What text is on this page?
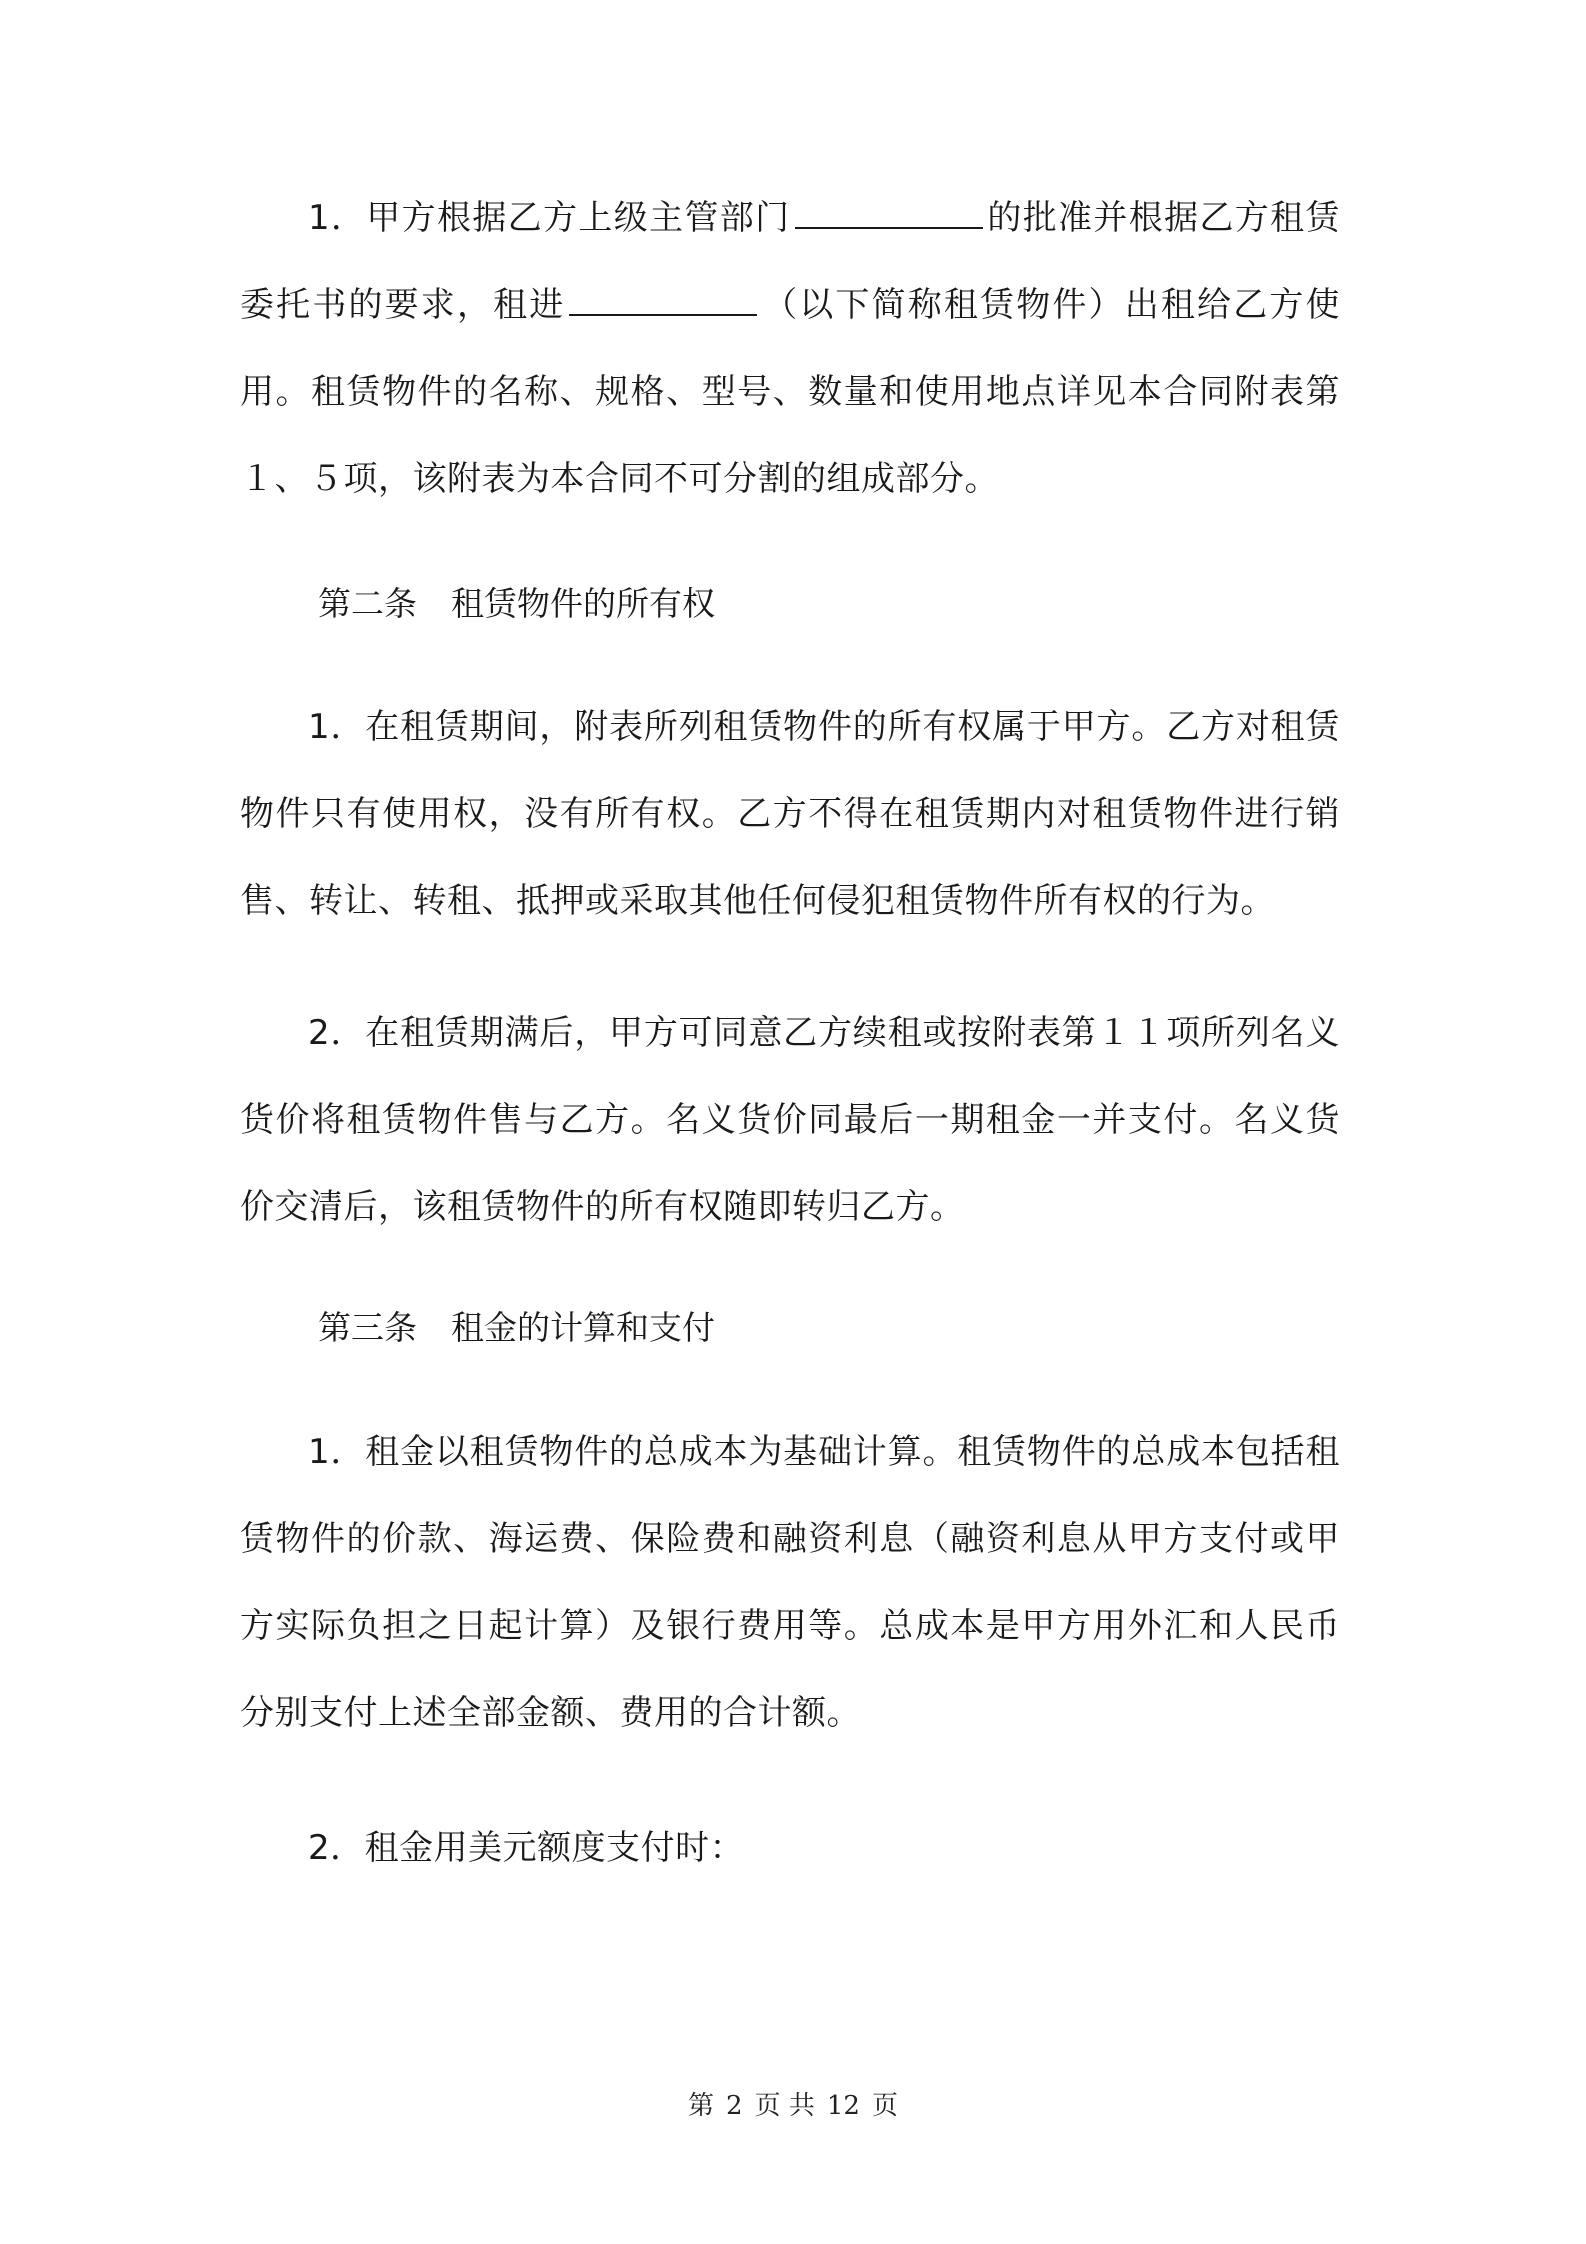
1．甲方根据乙方上级主管部门	的批准并根据乙方租赁委托书的要求，租进	（以下简称租赁物件）出租给乙方使用。租赁物件的名称、规格、型号、数量和使用地点详见本合同附表第１、５项，该附表为本合同不可分割的组成部分。

第二条 租赁物件的所有权

1．在租赁期间，附表所列租赁物件的所有权属于甲方。乙方对租赁物件只有使用权，没有所有权。乙方不得在租赁期内对租赁物件进行销售、转让、转租、抵押或采取其他任何侵犯租赁物件所有权的行为。

2．在租赁期满后，甲方可同意乙方续租或按附表第１１项所列名义货价将租赁物件售与乙方。名义货价同最后一期租金一并支付。名义货价交清后，该租赁物件的所有权随即转归乙方。

第三条 租金的计算和支付

1．租金以租赁物件的总成本为基础计算。租赁物件的总成本包括租赁物件的价款、海运费、保险费和融资利息（融资利息从甲方支付或甲方实际负担之日起计算）及银行费用等。总成本是甲方用外汇和人民币分别支付上述全部金额、费用的合计额。

2．租金用美元额度支付时：

第 2 页 共 12 页
